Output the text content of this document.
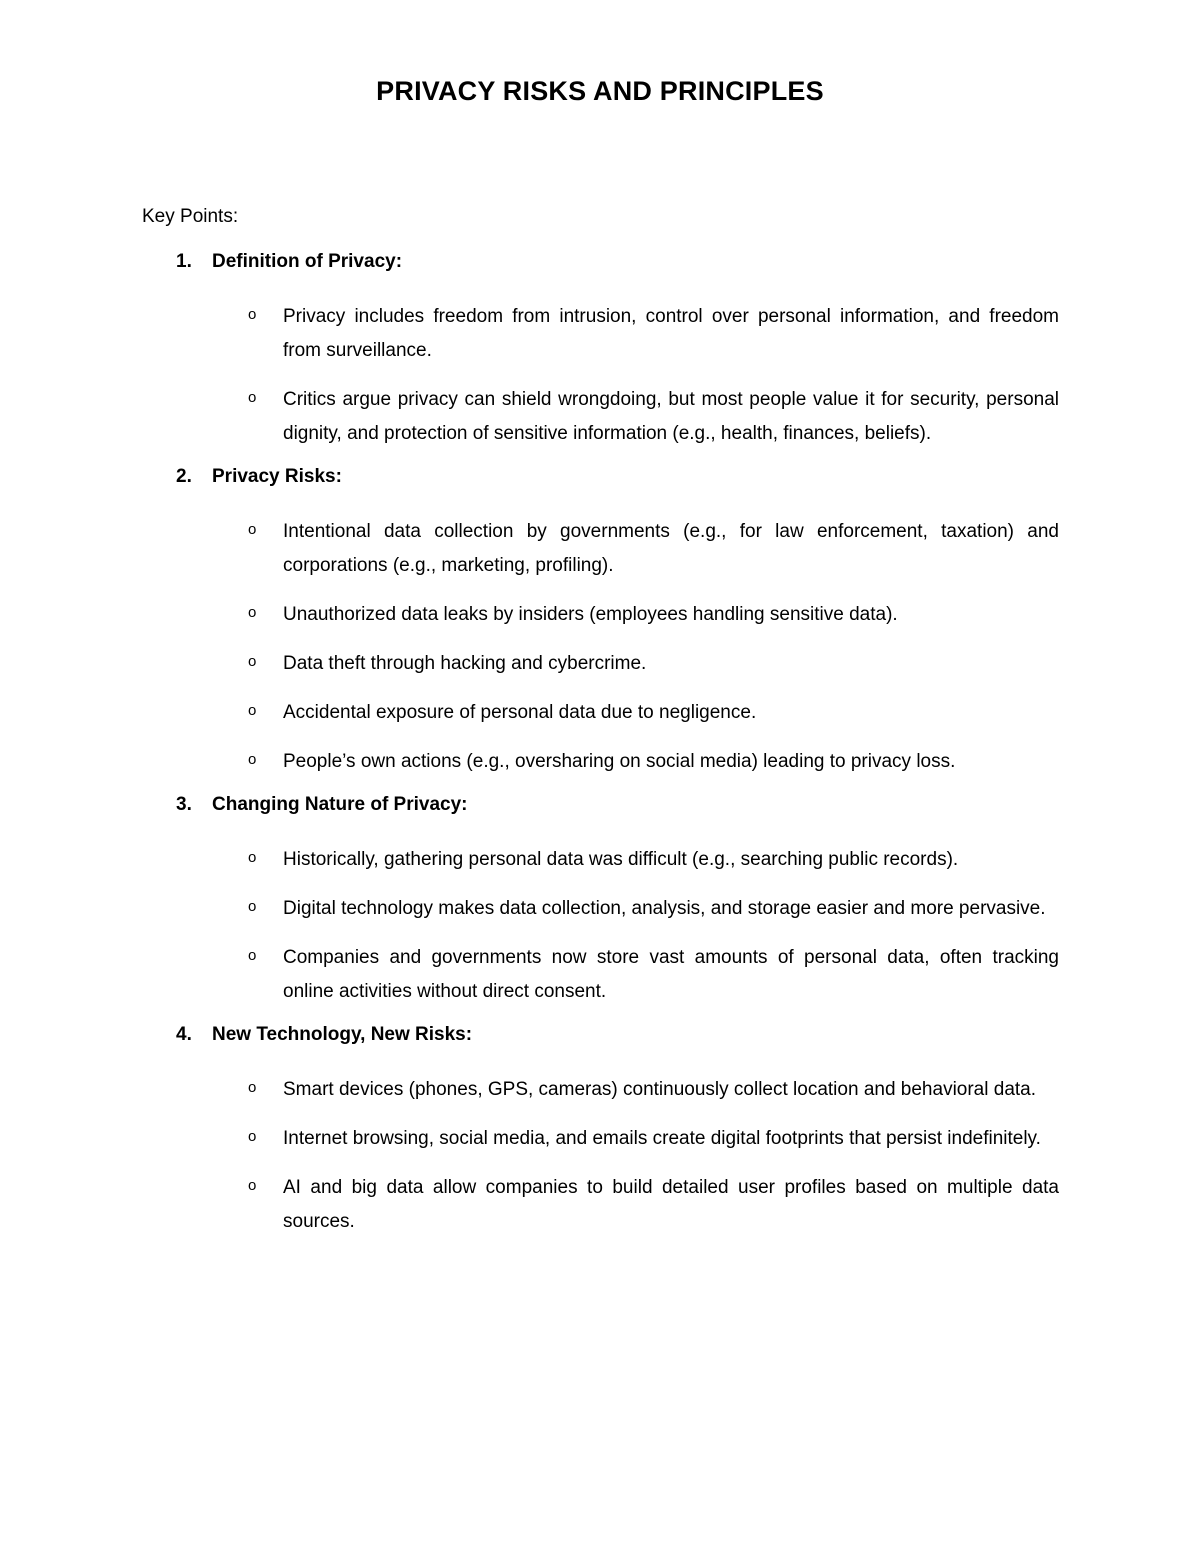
PRIVACY RISKS AND PRINCIPLES

Key Points:

1. Definition of Privacy:
o Privacy includes freedom from intrusion, control over personal information, and freedom from surveillance.
o Critics argue privacy can shield wrongdoing, but most people value it for security, personal dignity, and protection of sensitive information (e.g., health, finances, beliefs).
2. Privacy Risks:
o Intentional data collection by governments (e.g., for law enforcement, taxation) and corporations (e.g., marketing, profiling).
o Unauthorized data leaks by insiders (employees handling sensitive data).
o Data theft through hacking and cybercrime.
o Accidental exposure of personal data due to negligence.
o People’s own actions (e.g., oversharing on social media) leading to privacy loss.
3. Changing Nature of Privacy:
o Historically, gathering personal data was difficult (e.g., searching public records).
o Digital technology makes data collection, analysis, and storage easier and more pervasive.
o Companies and governments now store vast amounts of personal data, often tracking online activities without direct consent.
4. New Technology, New Risks:
o Smart devices (phones, GPS, cameras) continuously collect location and behavioral data.
o Internet browsing, social media, and emails create digital footprints that persist indefinitely.
o AI and big data allow companies to build detailed user profiles based on multiple data sources.
